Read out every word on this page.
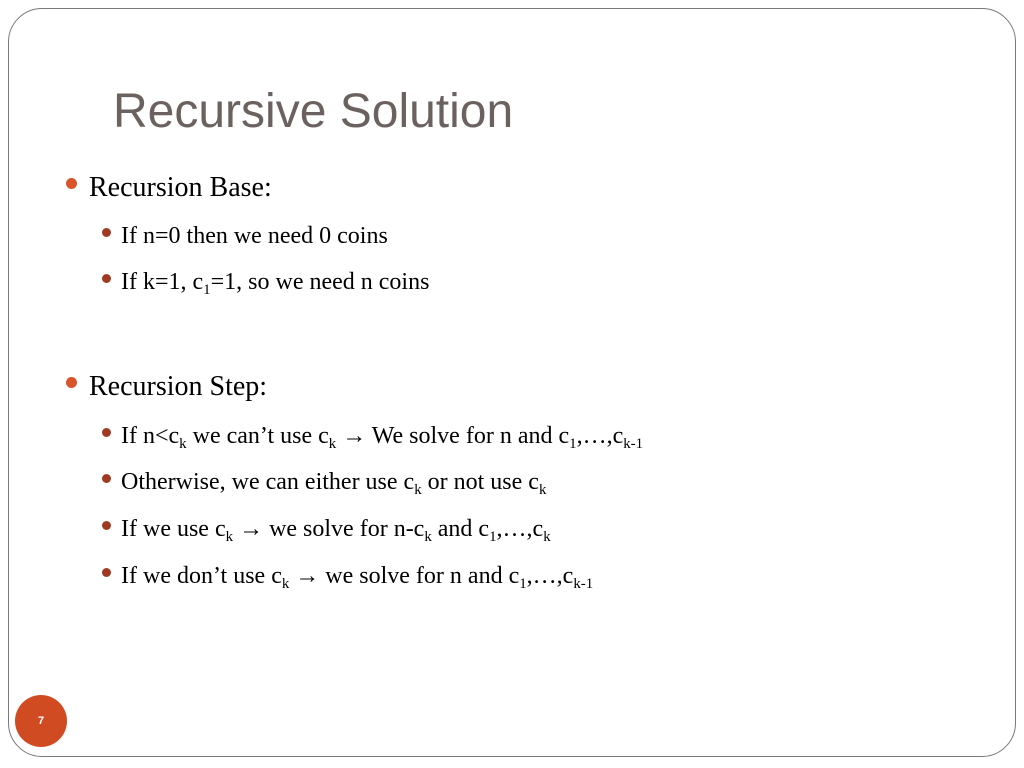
Recursive Solution
Recursion Base:
If n=0 then we need 0 coins
If k=1, c1=1, so we need n coins
Recursion Step:
If n<ck we can’t use ck → We solve for n and c1,…,ck-1
Otherwise, we can either use ck or not use ck
If we use ck → we solve for n-ck and c1,…,ck
If we don’t use ck → we solve for n and c1,…,ck-1
7
